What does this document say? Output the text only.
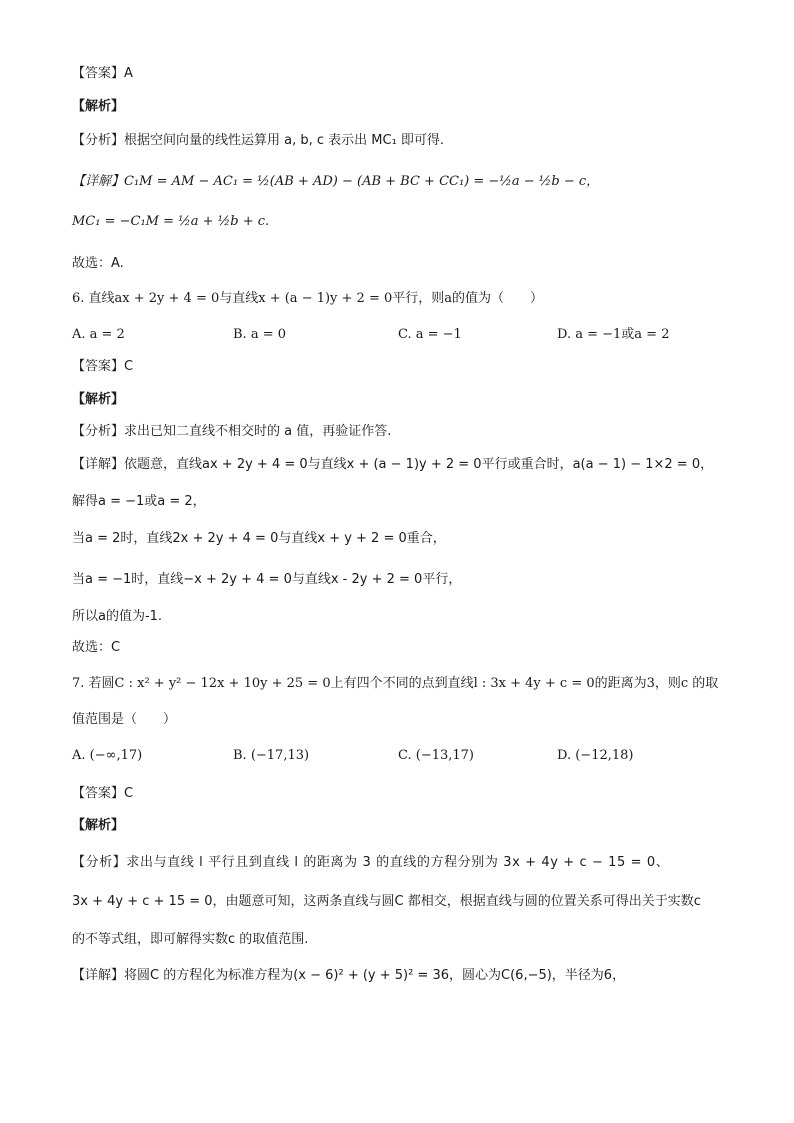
【答案】A
【解析】
【分析】根据空间向量的线性运算用 a, b, c 表示出 MC₁ 即可得.
【详解】C₁M = AM − AC₁ = ½(AB + AD) − (AB + BC + CC₁) = −½a − ½b − c，
MC₁ = −C₁M = ½a + ½b + c.
故选：A.
6. 直线ax + 2y + 4 = 0与直线x + (a − 1)y + 2 = 0平行，则a的值为（　　）
A. a = 2	B. a = 0	C. a = −1	D. a = −1或a = 2
【答案】C
【解析】
【分析】求出已知二直线不相交时的 a 值，再验证作答.
【详解】依题意，直线ax + 2y + 4 = 0与直线x + (a − 1)y + 2 = 0平行或重合时，a(a − 1) − 1×2 = 0，
解得a = −1或a = 2，
当a = 2时，直线2x + 2y + 4 = 0与直线x + y + 2 = 0重合，
当a = −1时，直线−x + 2y + 4 = 0与直线x - 2y + 2 = 0平行，
所以a的值为-1.
故选：C
7. 若圆C : x² + y² − 12x + 10y + 25 = 0上有四个不同的点到直线l : 3x + 4y + c = 0的距离为3，则c 的取
值范围是（　　）
A. (−∞,17)	B. (−17,13)	C. (−13,17)	D. (−12,18)
【答案】C
【解析】
【分析】求出与直线 l 平行且到直线 l 的距离为 3 的直线的方程分别为 3x + 4y + c − 15 = 0、
3x + 4y + c + 15 = 0，由题意可知，这两条直线与圆C 都相交，根据直线与圆的位置关系可得出关于实数c
的不等式组，即可解得实数c 的取值范围.
【详解】将圆C 的方程化为标准方程为(x − 6)² + (y + 5)² = 36，圆心为C(6,−5)，半径为6，
